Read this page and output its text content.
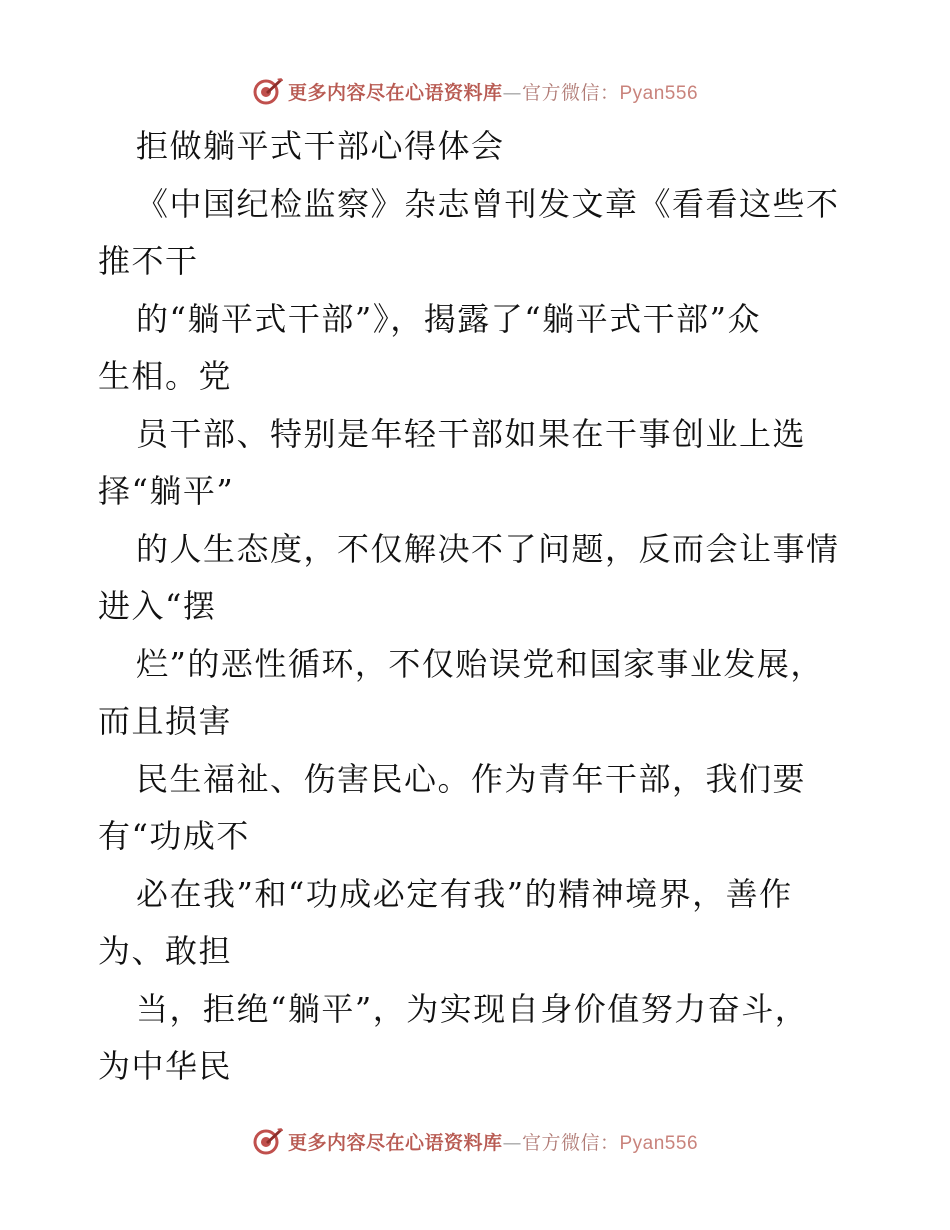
更多内容尽在心语资料库—官方微信：Pyan556
拒做躺平式干部心得体会
《中国纪检监察》杂志曾刊发文章《看看这些不
推不干
的“躺平式干部”》，揭露了“躺平式干部”众
生相。党
员干部、特别是年轻干部如果在干事创业上选
择“躺平”
的人生态度，不仅解决不了问题，反而会让事情
进入“摆
烂”的恶性循环，不仅贻误党和国家事业发展，
而且损害
民生福祉、伤害民心。作为青年干部，我们要
有“功成不
必在我”和“功成必定有我”的精神境界，善作
为、敢担
当，拒绝“躺平”，为实现自身价值努力奋斗，
为中华民
更多内容尽在心语资料库—官方微信：Pyan556
